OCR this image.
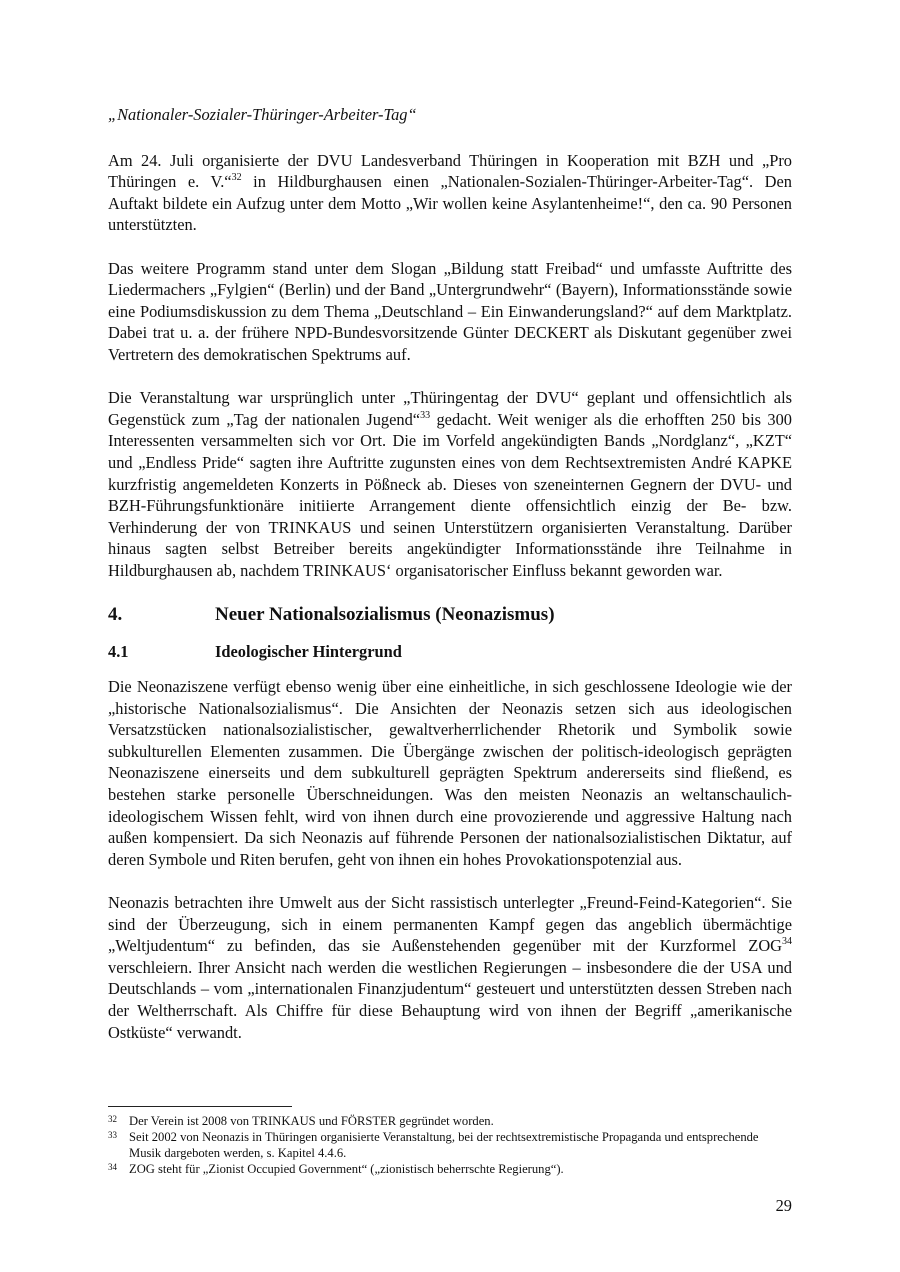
„Nationaler-Sozialer-Thüringer-Arbeiter-Tag“

Am 24. Juli organisierte der DVU Landesverband Thüringen in Kooperation mit BZH und „Pro Thüringen e. V.“$^{32}$ in Hildburghausen einen „Nationalen-Sozialen-Thüringer-Arbeiter-Tag“. Den Auftakt bildete ein Aufzug unter dem Motto „Wir wollen keine Asylantenheime!“, den ca. 90 Personen unterstützten.

Das weitere Programm stand unter dem Slogan „Bildung statt Freibad“ und umfasste Auftritte des Liedermachers „Fylgien“ (Berlin) und der Band „Untergrundwehr“ (Bayern), Informationsstände sowie eine Podiumsdiskussion zu dem Thema „Deutschland – Ein Einwanderungsland?“ auf dem Marktplatz. Dabei trat u. a. der frühere NPD-Bundesvorsitzende Günter DECKERT als Diskutant gegenüber zwei Vertretern des demokratischen Spektrums auf.

Die Veranstaltung war ursprünglich unter „Thüringentag der DVU“ geplant und offensichtlich als Gegenstück zum „Tag der nationalen Jugend“$^{33}$ gedacht. Weit weniger als die erhofften 250 bis 300 Interessenten versammelten sich vor Ort. Die im Vorfeld angekündigten Bands „Nordglanz“, „KZT“ und „Endless Pride“ sagten ihre Auftritte zugunsten eines von dem Rechtsextremisten André KAPKE kurzfristig angemeldeten Konzerts in Pößneck ab. Dieses von szeneinternen Gegnern der DVU- und BZH-Führungsfunktionäre initiierte Arrangement diente offensichtlich einzig der Be- bzw. Verhinderung der von TRINKAUS und seinen Unterstützern organisierten Veranstaltung. Darüber hinaus sagten selbst Betreiber bereits angekündigter Informationsstände ihre Teilnahme in Hildburghausen ab, nachdem TRINKAUS‘ organisatorischer Einfluss bekannt geworden war.

4.	Neuer Nationalsozialismus (Neonazismus)
4.1	Ideologischer Hintergrund

Die Neonaziszene verfügt ebenso wenig über eine einheitliche, in sich geschlossene Ideologie wie der „historische Nationalsozialismus“. Die Ansichten der Neonazis setzen sich aus ideologischen Versatzstücken nationalsozialistischer, gewaltverherrlichender Rhetorik und Symbolik sowie subkulturellen Elementen zusammen. Die Übergänge zwischen der politisch-ideologisch geprägten Neonaziszene einerseits und dem subkulturell geprägten Spektrum andererseits sind fließend, es bestehen starke personelle Überschneidungen. Was den meisten Neonazis an weltanschaulich-ideologischem Wissen fehlt, wird von ihnen durch eine provozierende und aggressive Haltung nach außen kompensiert. Da sich Neonazis auf führende Personen der nationalsozialistischen Diktatur, auf deren Symbole und Riten berufen, geht von ihnen ein hohes Provokationspotenzial aus.

Neonazis betrachten ihre Umwelt aus der Sicht rassistisch unterlegter „Freund-Feind-Kategorien“. Sie sind der Überzeugung, sich in einem permanenten Kampf gegen das angeblich übermächtige „Weltjudentum“ zu befinden, das sie Außenstehenden gegenüber mit der Kurzformel ZOG$^{34}$ verschleiern. Ihrer Ansicht nach werden die westlichen Regierungen – insbesondere die der USA und Deutschlands – vom „internationalen Finanzjudentum“ gesteuert und unterstützten dessen Streben nach der Weltherrschaft. Als Chiffre für diese Behauptung wird von ihnen der Begriff „amerikanische Ostküste“ verwandt.

32 Der Verein ist 2008 von TRINKAUS und FÖRSTER gegründet worden.
33 Seit 2002 von Neonazis in Thüringen organisierte Veranstaltung, bei der rechtsextremistische Propaganda und entsprechende Musik dargeboten werden, s. Kapitel 4.4.6.
34 ZOG steht für „Zionist Occupied Government“ („zionistisch beherrschte Regierung“).
29
